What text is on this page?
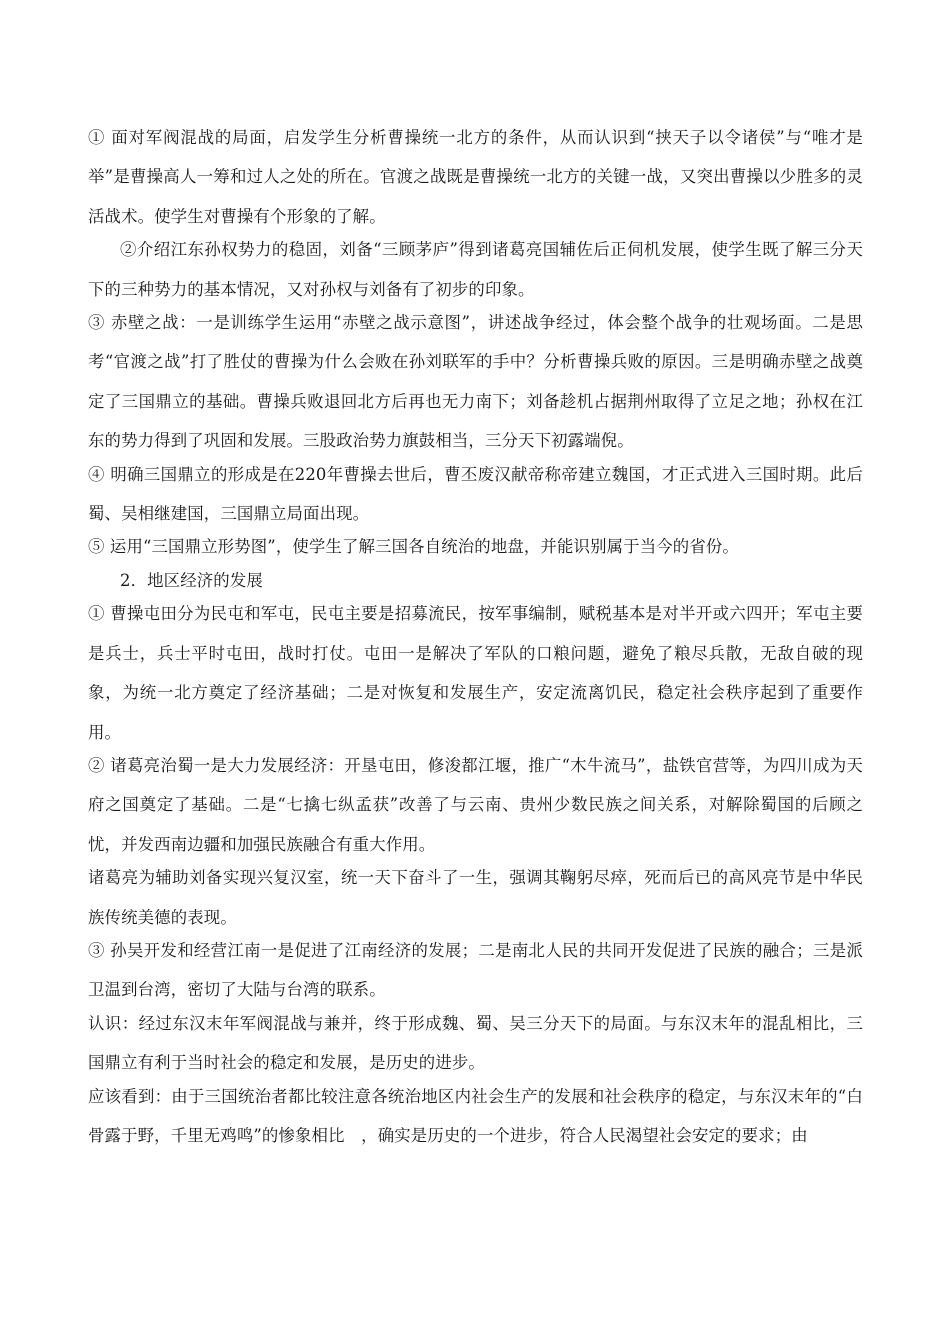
① 面对军阀混战的局面，启发学生分析曹操统一北方的条件，从而认识到“挟天子以令诸侯”与“唯才是举”是曹操高人一筹和过人之处的所在。官渡之战既是曹操统一北方的关键一战，又突出曹操以少胜多的灵活战术。使学生对曹操有个形象的了解。

②介绍江东孙权势力的稳固，刘备“三顾茅庐”得到诸葛亮国辅佐后正伺机发展，使学生既了解三分天下的三种势力的基本情况，又对孙权与刘备有了初步的印象。

③ 赤壁之战：一是训练学生运用“赤壁之战示意图”，讲述战争经过，体会整个战争的壮观场面。二是思考“官渡之战”打了胜仗的曹操为什么会败在孙刘联军的手中？分析曹操兵败的原因。三是明确赤壁之战奠定了三国鼎立的基础。曹操兵败退回北方后再也无力南下；刘备趁机占据荆州取得了立足之地；孙权在江东的势力得到了巩固和发展。三股政治势力旗鼓相当，三分天下初露端倪。

④ 明确三国鼎立的形成是在220年曹操去世后，曹丕废汉献帝称帝建立魏国，才正式进入三国时期。此后蜀、吴相继建国，三国鼎立局面出现。

⑤ 运用“三国鼎立形势图”，使学生了解三国各自统治的地盘，并能识别属于当今的省份。

2．地区经济的发展

① 曹操屯田分为民屯和军屯，民屯主要是招募流民，按军事编制，赋税基本是对半开或六四开；军屯主要是兵士，兵士平时屯田，战时打仗。屯田一是解决了军队的口粮问题，避免了粮尽兵散，无敌自破的现象，为统一北方奠定了经济基础；二是对恢复和发展生产，安定流离饥民，稳定社会秩序起到了重要作用。

② 诸葛亮治蜀一是大力发展经济：开垦屯田，修浚都江堰，推广“木牛流马”，盐铁官营等，为四川成为天府之国奠定了基础。二是“七擒七纵孟获”改善了与云南、贵州少数民族之间关系，对解除蜀国的后顾之忧，并发西南边疆和加强民族融合有重大作用。

诸葛亮为辅助刘备实现兴复汉室，统一天下奋斗了一生，强调其鞠躬尽瘁，死而后已的高风亮节是中华民族传统美德的表现。

③ 孙吴开发和经营江南一是促进了江南经济的发展；二是南北人民的共同开发促进了民族的融合；三是派卫温到台湾，密切了大陆与台湾的联系。

认识：经过东汉末年军阀混战与兼并，终于形成魏、蜀、吴三分天下的局面。与东汉末年的混乱相比，三国鼎立有利于当时社会的稳定和发展，是历史的进步。

应该看到：由于三国统治者都比较注意各统治地区内社会生产的发展和社会秩序的稳定，与东汉末年的“白骨露于野，千里无鸡鸣”的惨象相比　，确实是历史的一个进步，符合人民渴望社会安定的要求；由
